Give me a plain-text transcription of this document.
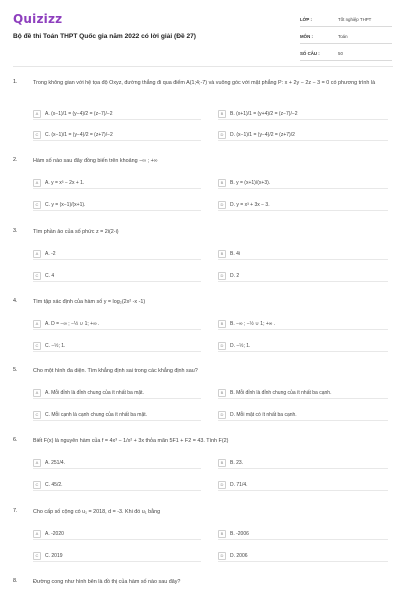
Quizizz
Bộ đề thi Toán THPT Quốc gia năm 2022 có lời giải (Đề 27)
LỚP :	Tốt nghiệp THPT
MÔN :	Toán
SỐ CÂU :	50
1.	Trong không gian với hệ tọa độ Oxyz, đường thẳng đi qua điểm A(1;4;-7) và vuông góc với mặt phẳng P: x + 2y − 2z − 3 = 0 có phương trình là
A	A. (x−1)/1 = (y−4)/2 = (z−7)/−2	B	B. (x+1)/1 = (y+4)/2 = (z−7)/−2
C	C. (x−1)/1 = (y−4)/2 = (z+7)/−2	D	D. (x−1)/1 = (y−4)/2 = (z+7)/2
2.	Hàm số nào sau đây đồng biến trên khoảng −∞ ; +∞
A	A. y = x³ − 2x + 1.	B	B. y = (x+1)/(x+3).
C	C. y = (x−1)/(x+1).	D	D. y = x³ + 3x − 3.
3.	Tìm phần ảo của số phức z = 2i(2-i)
A	A. -2	B	B. 4i
C	C. 4	D	D. 2
4.	Tìm tập xác định của hàm số y = log₂(2x² -x -1)
A	A. D = −∞ ; −½ ∪ 1; +∞ .	B	B. −∞ ; −½ ∪ 1; +∞ .
C	C. −½; 1.	D	D. −½; 1.
5.	Cho một hình đa diện. Tìm khẳng định sai trong các khẳng định sau?
A	A. Mỗi đỉnh là đỉnh chung của ít nhất ba mặt.	B	B. Mỗi đỉnh là đỉnh chung của ít nhất ba cạnh.
C	C. Mỗi cạnh là cạnh chung của ít nhất ba mặt.	D	D. Mỗi mặt có ít nhất ba cạnh.
6.	Biết F(x) là nguyên hàm của f = 4x³ − 1/x² + 3x thỏa mãn 5F1 + F2 = 43. Tính F(2)
A	A. 251/4.	B	B. 23.
C	C. 45/2.	D	D. 71/4.
7.	Cho cấp số cộng có u₁ = 2018, d = -3. Khi đó u₁ bằng
A	A. -2020	B	B. -2006
C	C. 2019	D	D. 2006
8.	Đường cong như hình bên là đồ thị của hàm số nào sau đây?
